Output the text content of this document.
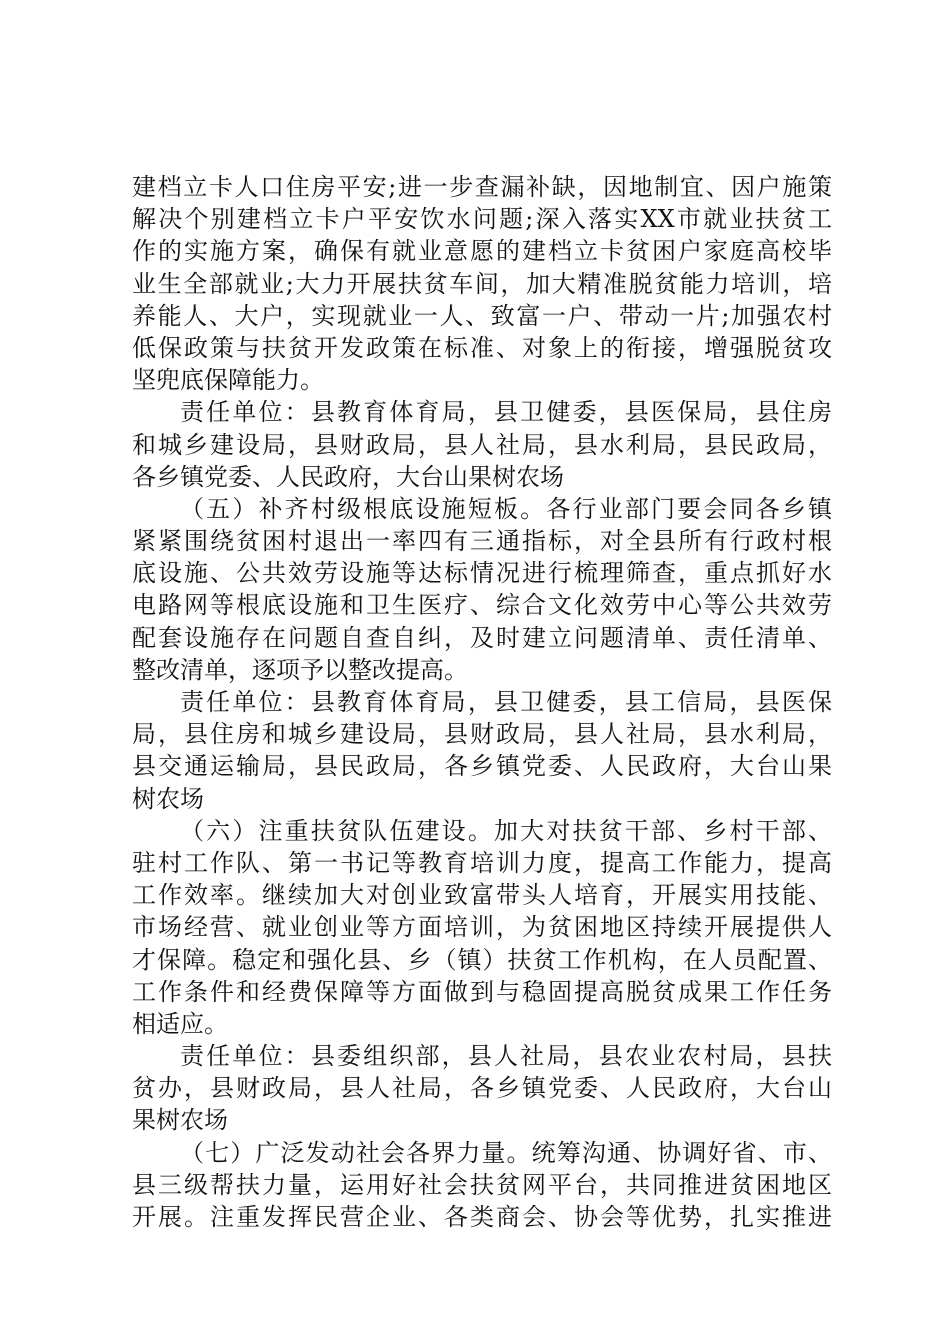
建档立卡人口住房平安;进一步查漏补缺，因地制宜、因户施策
解决个别建档立卡户平安饮水问题;深入落实XX市就业扶贫工
作的实施方案，确保有就业意愿的建档立卡贫困户家庭高校毕
业生全部就业;大力开展扶贫车间，加大精准脱贫能力培训，培
养能人、大户，实现就业一人、致富一户、带动一片;加强农村
低保政策与扶贫开发政策在标准、对象上的衔接，增强脱贫攻
坚兜底保障能力。
责任单位：县教育体育局，县卫健委，县医保局，县住房
和城乡建设局，县财政局，县人社局，县水利局，县民政局，
各乡镇党委、人民政府，大台山果树农场
（五）补齐村级根底设施短板。各行业部门要会同各乡镇
紧紧围绕贫困村退出一率四有三通指标，对全县所有行政村根
底设施、公共效劳设施等达标情况进行梳理筛查，重点抓好水
电路网等根底设施和卫生医疗、综合文化效劳中心等公共效劳
配套设施存在问题自查自纠，及时建立问题清单、责任清单、
整改清单，逐项予以整改提高。
责任单位：县教育体育局，县卫健委，县工信局，县医保
局，县住房和城乡建设局，县财政局，县人社局，县水利局，
县交通运输局，县民政局，各乡镇党委、人民政府，大台山果
树农场
（六）注重扶贫队伍建设。加大对扶贫干部、乡村干部、
驻村工作队、第一书记等教育培训力度，提高工作能力，提高
工作效率。继续加大对创业致富带头人培育，开展实用技能、
市场经营、就业创业等方面培训，为贫困地区持续开展提供人
才保障。稳定和强化县、乡（镇）扶贫工作机构，在人员配置、
工作条件和经费保障等方面做到与稳固提高脱贫成果工作任务
相适应。
责任单位：县委组织部，县人社局，县农业农村局，县扶
贫办，县财政局，县人社局，各乡镇党委、人民政府，大台山
果树农场
（七）广泛发动社会各界力量。统筹沟通、协调好省、市、
县三级帮扶力量，运用好社会扶贫网平台，共同推进贫困地区
开展。注重发挥民营企业、各类商会、协会等优势，扎实推进
